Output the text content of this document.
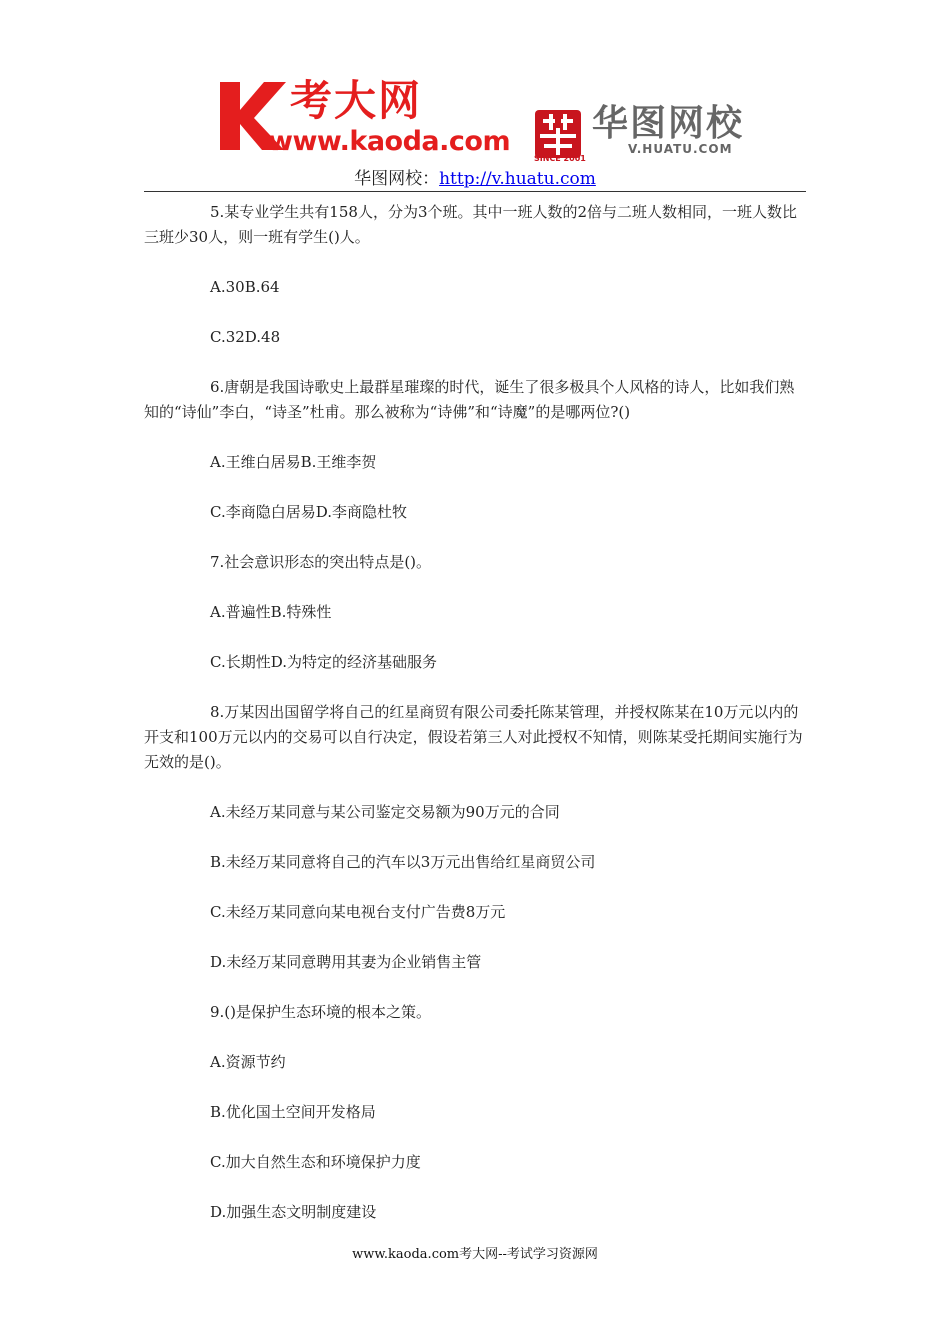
考大网
www.kaoda.com
SINCE 2001
华图网校
V.HUATU.COM
华图网校：http://v.huatu.com

5.某专业学生共有158人，分为3个班。其中一班人数的2倍与二班人数相同，一班人数比三班少30人，则一班有学生()人。

A.30B.64

C.32D.48

6.唐朝是我国诗歌史上最群星璀璨的时代，诞生了很多极具个人风格的诗人，比如我们熟知的“诗仙”李白，“诗圣”杜甫。那么被称为“诗佛”和“诗魔”的是哪两位?()

A.王维白居易B.王维李贺

C.李商隐白居易D.李商隐杜牧

7.社会意识形态的突出特点是()。

A.普遍性B.特殊性

C.长期性D.为特定的经济基础服务

8.万某因出国留学将自己的红星商贸有限公司委托陈某管理，并授权陈某在10万元以内的开支和100万元以内的交易可以自行决定，假设若第三人对此授权不知情，则陈某受托期间实施行为无效的是()。

A.未经万某同意与某公司鉴定交易额为90万元的合同

B.未经万某同意将自己的汽车以3万元出售给红星商贸公司

C.未经万某同意向某电视台支付广告费8万元

D.未经万某同意聘用其妻为企业销售主管

9.()是保护生态环境的根本之策。

A.资源节约

B.优化国土空间开发格局

C.加大自然生态和环境保护力度

D.加强生态文明制度建设

www.kaoda.com考大网--考试学习资源网
